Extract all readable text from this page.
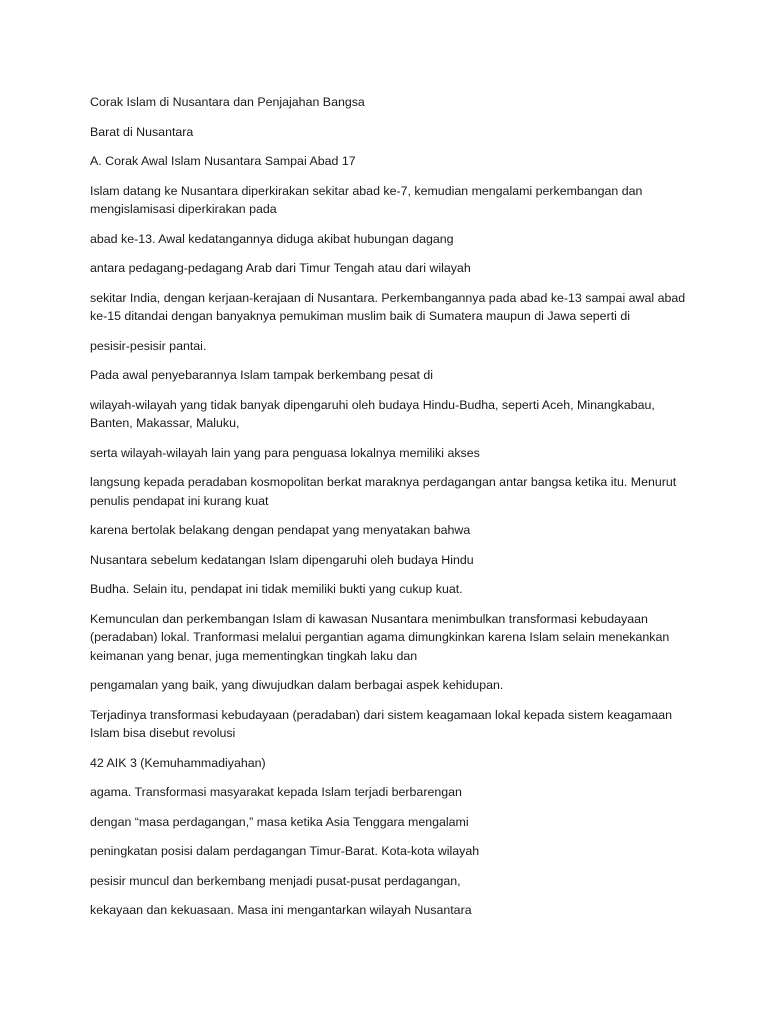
Corak Islam di Nusantara dan Penjajahan Bangsa

Barat di Nusantara

A. Corak Awal Islam Nusantara Sampai Abad 17

Islam datang ke Nusantara diperkirakan sekitar abad ke-7, kemudian mengalami perkembangan dan mengislamisasi diperkirakan pada

abad ke-13. Awal kedatangannya diduga akibat hubungan dagang

antara pedagang-pedagang Arab dari Timur Tengah atau dari wilayah

sekitar India, dengan kerjaan-kerajaan di Nusantara. Perkembangannya pada abad ke-13 sampai awal abad ke-15 ditandai dengan banyaknya pemukiman muslim baik di Sumatera maupun di Jawa seperti di

pesisir-pesisir pantai.

Pada awal penyebarannya Islam tampak berkembang pesat di

wilayah-wilayah yang tidak banyak dipengaruhi oleh budaya Hindu-Budha, seperti Aceh, Minangkabau, Banten, Makassar, Maluku,

serta wilayah-wilayah lain yang para penguasa lokalnya memiliki akses

langsung kepada peradaban kosmopolitan berkat maraknya perdagangan antar bangsa ketika itu. Menurut penulis pendapat ini kurang kuat

karena bertolak belakang dengan pendapat yang menyatakan bahwa

Nusantara sebelum kedatangan Islam dipengaruhi oleh budaya Hindu

Budha. Selain itu, pendapat ini tidak memiliki bukti yang cukup kuat.

Kemunculan dan perkembangan Islam di kawasan Nusantara menimbulkan transformasi kebudayaan (peradaban) lokal. Tranformasi melalui pergantian agama dimungkinkan karena Islam selain menekankan keimanan yang benar, juga mementingkan tingkah laku dan

pengamalan yang baik, yang diwujudkan dalam berbagai aspek kehidupan.

Terjadinya transformasi kebudayaan (peradaban) dari sistem keagamaan lokal kepada sistem keagamaan Islam bisa disebut revolusi

42 AIK 3 (Kemuhammadiyahan)

agama. Transformasi masyarakat kepada Islam terjadi berbarengan

dengan “masa perdagangan,” masa ketika Asia Tenggara mengalami

peningkatan posisi dalam perdagangan Timur-Barat. Kota-kota wilayah

pesisir muncul dan berkembang menjadi pusat-pusat perdagangan,

kekayaan dan kekuasaan. Masa ini mengantarkan wilayah Nusantara
